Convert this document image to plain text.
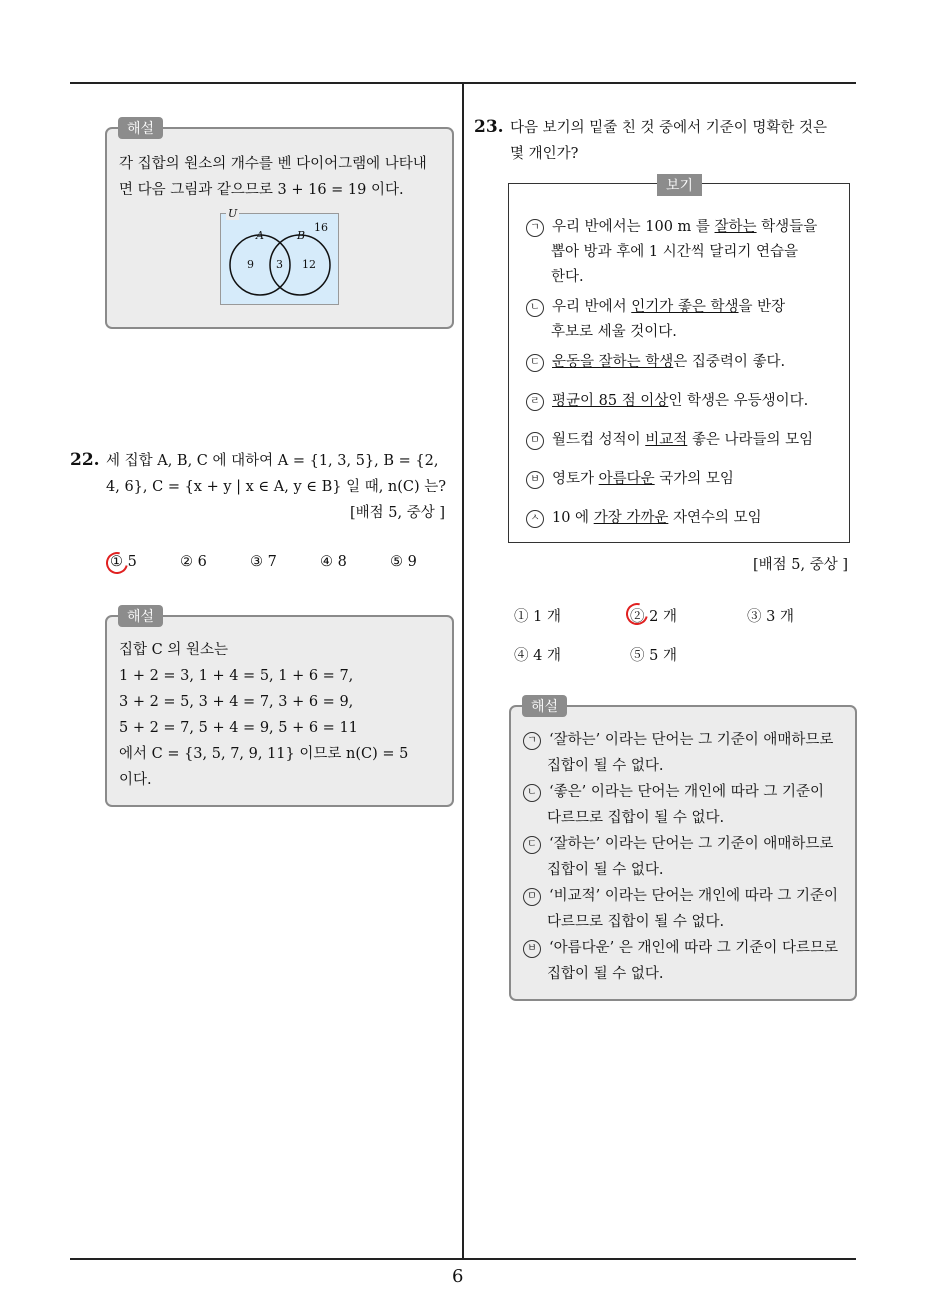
6
각 집합의 원소의 개수를 벤 다이어그램에 나타내
면 다음 그림과 같으므로 3 + 16 = 19 이다.
U
A	B
16
9 3 12
해설
22. 세 집합 A, B, C 에 대하여 A = {1, 3, 5}, B = {2,
4, 6}, C = {x + y | x ∈ A, y ∈ B} 일 때, n(C) 는?
[배점 5, 중상 ]
① 5	② 6	③ 7	④ 8	⑤ 9
집합 C 의 원소는
1 + 2 = 3, 1 + 4 = 5, 1 + 6 = 7,
3 + 2 = 5, 3 + 4 = 7, 3 + 6 = 9,
5 + 2 = 7, 5 + 4 = 9, 5 + 6 = 11
에서 C = {3, 5, 7, 9, 11} 이므로 n(C) = 5
이다.
해설
23. 다음 보기의 밑줄 친 것 중에서 기준이 명확한 것은
몇 개인가?
보기
ㄱ 우리 반에서는 100 m 를 잘하는 학생들을
뽑아 방과 후에 1 시간씩 달리기 연습을
한다.
ㄴ 우리 반에서 인기가 좋은 학생을 반장
후보로 세울 것이다.
ㄷ 운동을 잘하는 학생은 집중력이 좋다.
ㄹ 평균이 85 점 이상인 학생은 우등생이다.
ㅁ 월드컵 성적이 비교적 좋은 나라들의 모임
ㅂ 영토가 아름다운 국가의 모임
ㅅ 10 에 가장 가까운 자연수의 모임
[배점 5, 중상 ]
① 1 개	② 2 개	③ 3 개
④ 4 개	⑤ 5 개
ㄱ ‘잘하는’ 이라는 단어는 그 기준이 애매하므로
집합이 될 수 없다.
ㄴ ‘좋은’ 이라는 단어는 개인에 따라 그 기준이
다르므로 집합이 될 수 없다.
ㄷ ‘잘하는’ 이라는 단어는 그 기준이 애매하므로
집합이 될 수 없다.
ㅁ ‘비교적’ 이라는 단어는 개인에 따라 그 기준이
다르므로 집합이 될 수 없다.
ㅂ ‘아름다운’ 은 개인에 따라 그 기준이 다르므로
집합이 될 수 없다.
해설
